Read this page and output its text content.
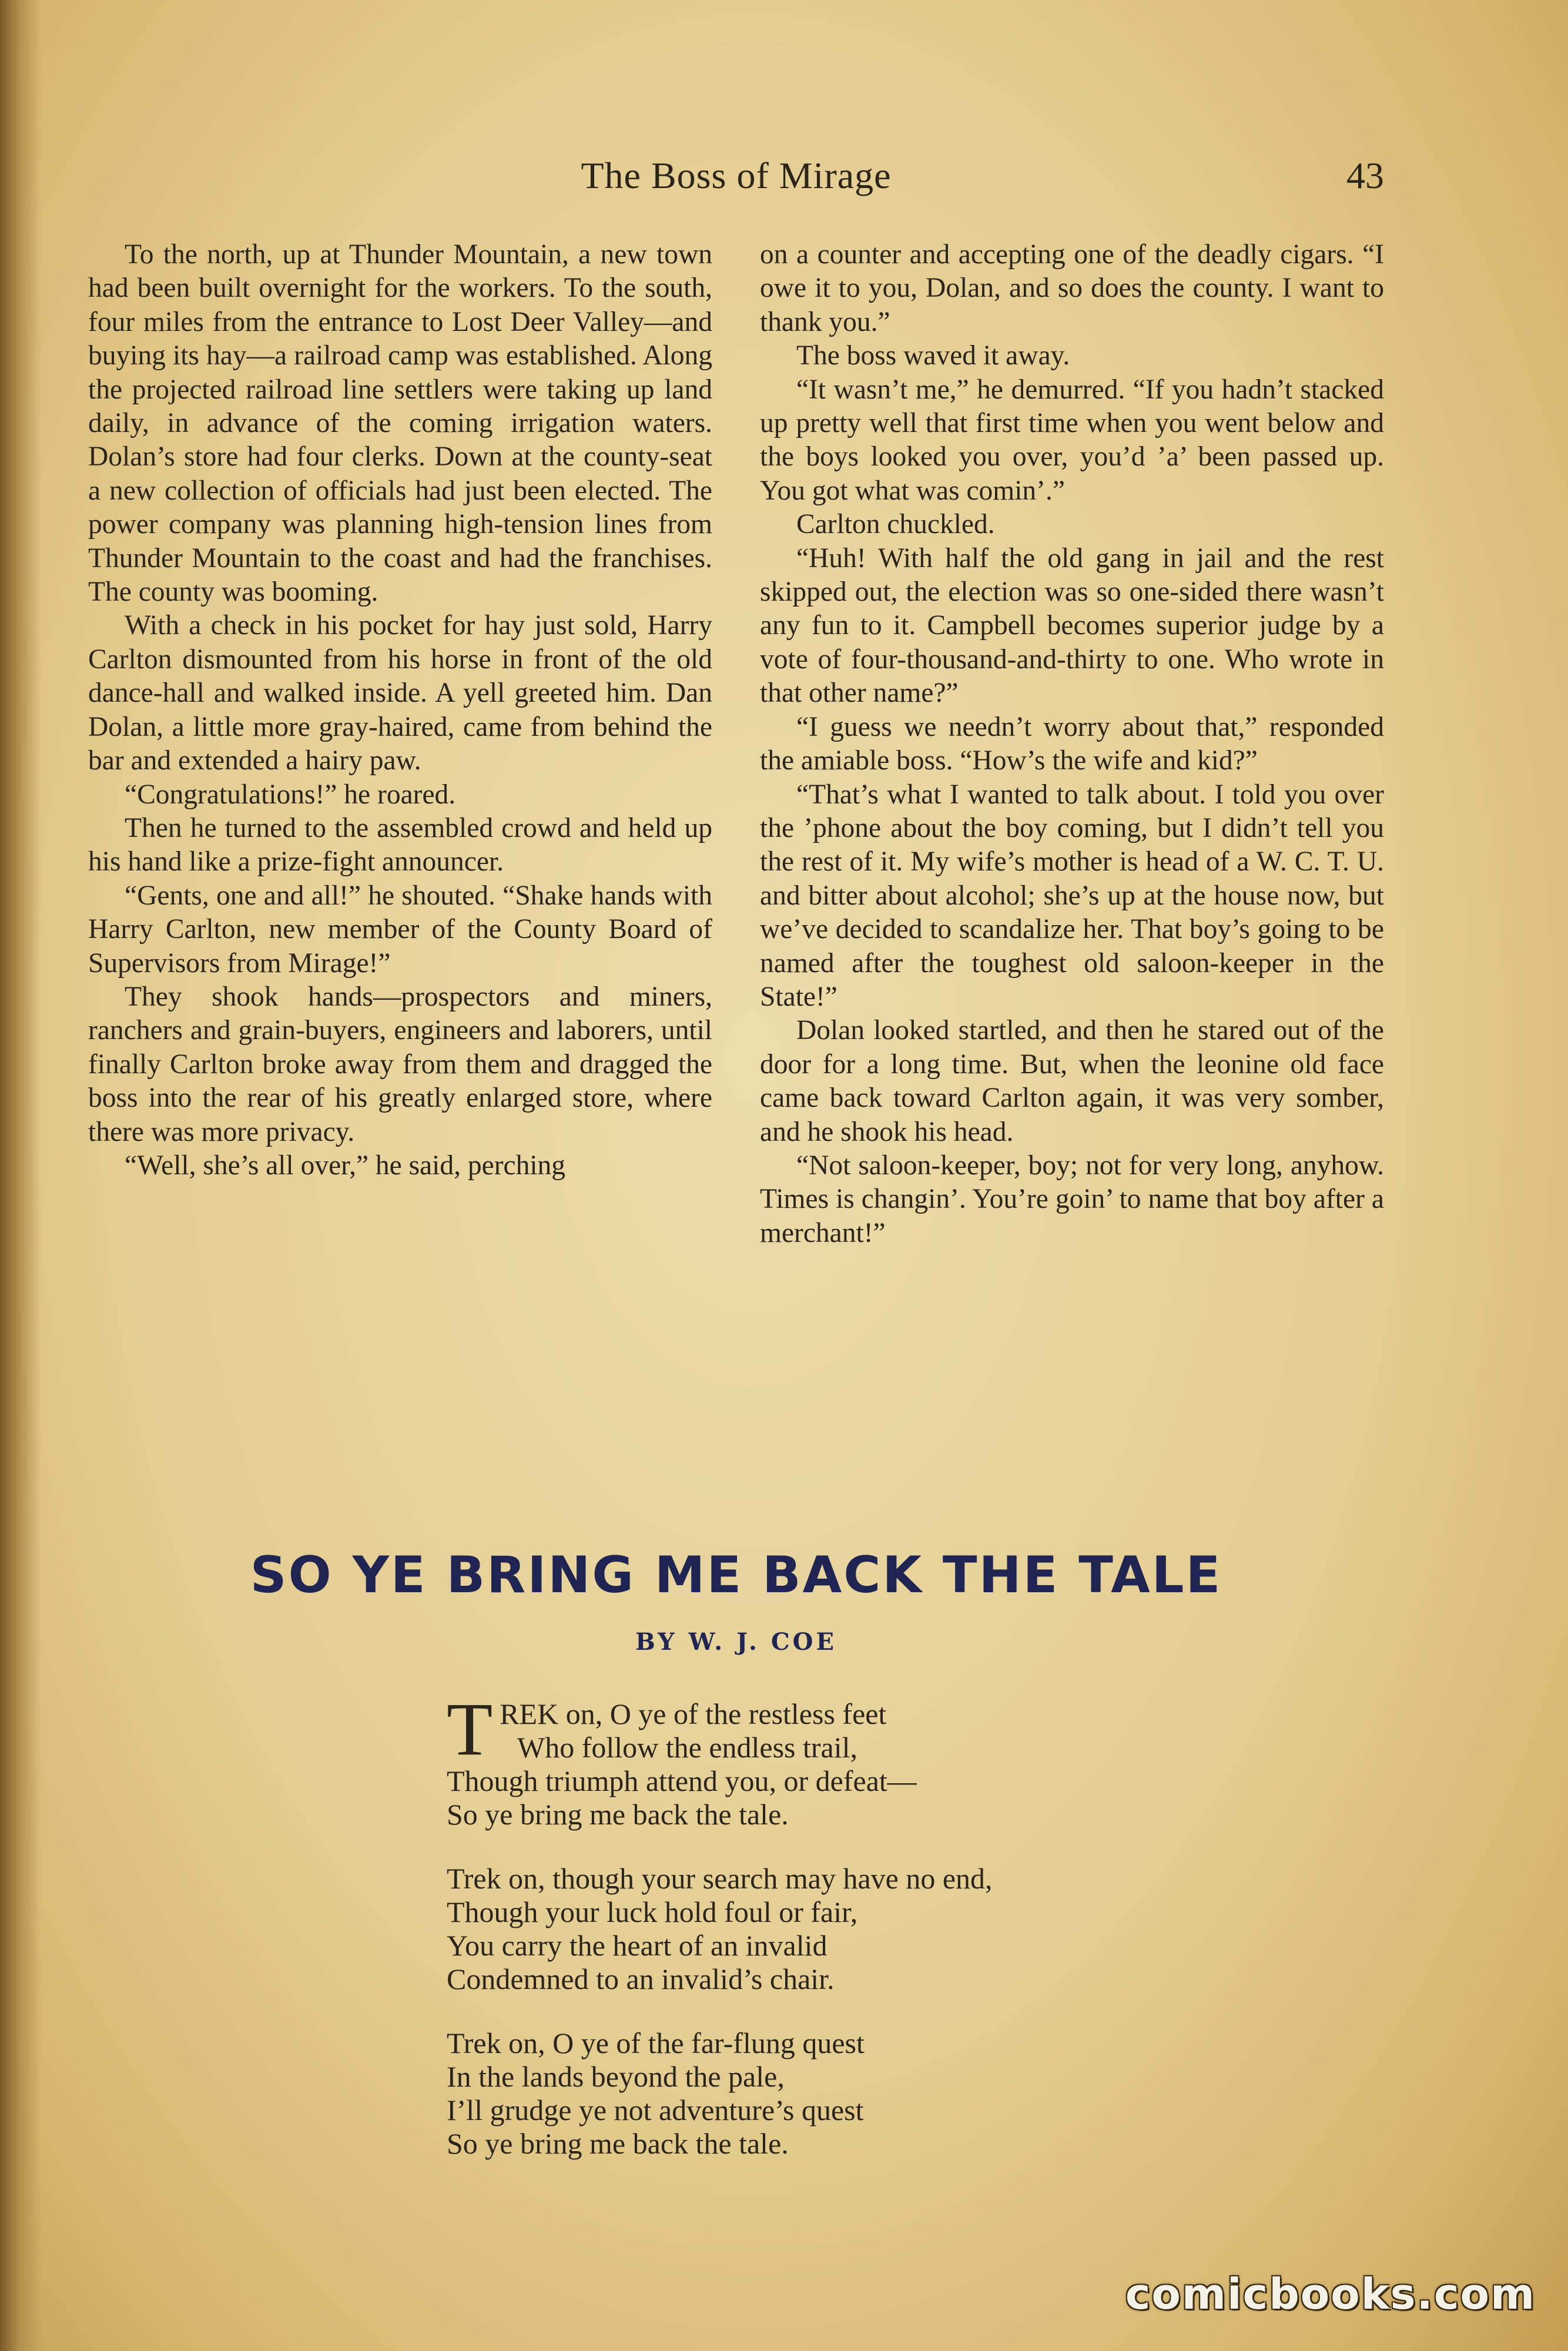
The Boss of Mirage	43

To the north, up at Thunder Mountain, a new town had been built overnight for the workers. To the south, four miles from the entrance to Lost Deer Valley—and buying its hay—a railroad camp was established. Along the projected railroad line settlers were taking up land daily, in advance of the coming irrigation waters. Dolan’s store had four clerks. Down at the county-seat a new collection of officials had just been elected. The power company was planning high-tension lines from Thunder Mountain to the coast and had the franchises. The county was booming.

With a check in his pocket for hay just sold, Harry Carlton dismounted from his horse in front of the old dance-hall and walked inside. A yell greeted him. Dan Dolan, a little more gray-haired, came from behind the bar and extended a hairy paw.

“Congratulations!” he roared.

Then he turned to the assembled crowd and held up his hand like a prize-fight announcer.

“Gents, one and all!” he shouted. “Shake hands with Harry Carlton, new member of the County Board of Supervisors from Mirage!”

They shook hands—prospectors and miners, ranchers and grain-buyers, engineers and laborers, until finally Carlton broke away from them and dragged the boss into the rear of his greatly enlarged store, where there was more privacy.

“Well, she’s all over,” he said, perching

on a counter and accepting one of the deadly cigars. “I owe it to you, Dolan, and so does the county. I want to thank you.”

The boss waved it away.

“It wasn’t me,” he demurred. “If you hadn’t stacked up pretty well that first time when you went below and the boys looked you over, you’d ’a’ been passed up. You got what was comin’.”

Carlton chuckled.

“Huh! With half the old gang in jail and the rest skipped out, the election was so one-sided there wasn’t any fun to it. Campbell becomes superior judge by a vote of four-thousand-and-thirty to one. Who wrote in that other name?”

“I guess we needn’t worry about that,” responded the amiable boss. “How’s the wife and kid?”

“That’s what I wanted to talk about. I told you over the ’phone about the boy coming, but I didn’t tell you the rest of it. My wife’s mother is head of a W. C. T. U. and bitter about alcohol; she’s up at the house now, but we’ve decided to scandalize her. That boy’s going to be named after the toughest old saloon-keeper in the State!”

Dolan looked startled, and then he stared out of the door for a long time. But, when the leonine old face came back toward Carlton again, it was very somber, and he shook his head.

“Not saloon-keeper, boy; not for very long, anyhow. Times is changin’. You’re goin’ to name that boy after a merchant!”

SO YE BRING ME BACK THE TALE
BY W. J. COE
T REK on, O ye of the restless feet
Who follow the endless trail,
Though triumph attend you, or defeat—
So ye bring me back the tale.
Trek on, though your search may have no end,
Though your luck hold foul or fair,
You carry the heart of an invalid
Condemned to an invalid’s chair.
Trek on, O ye of the far-flung quest
In the lands beyond the pale,
I’ll grudge ye not adventure’s quest
So ye bring me back the tale.
comicbooks.com
